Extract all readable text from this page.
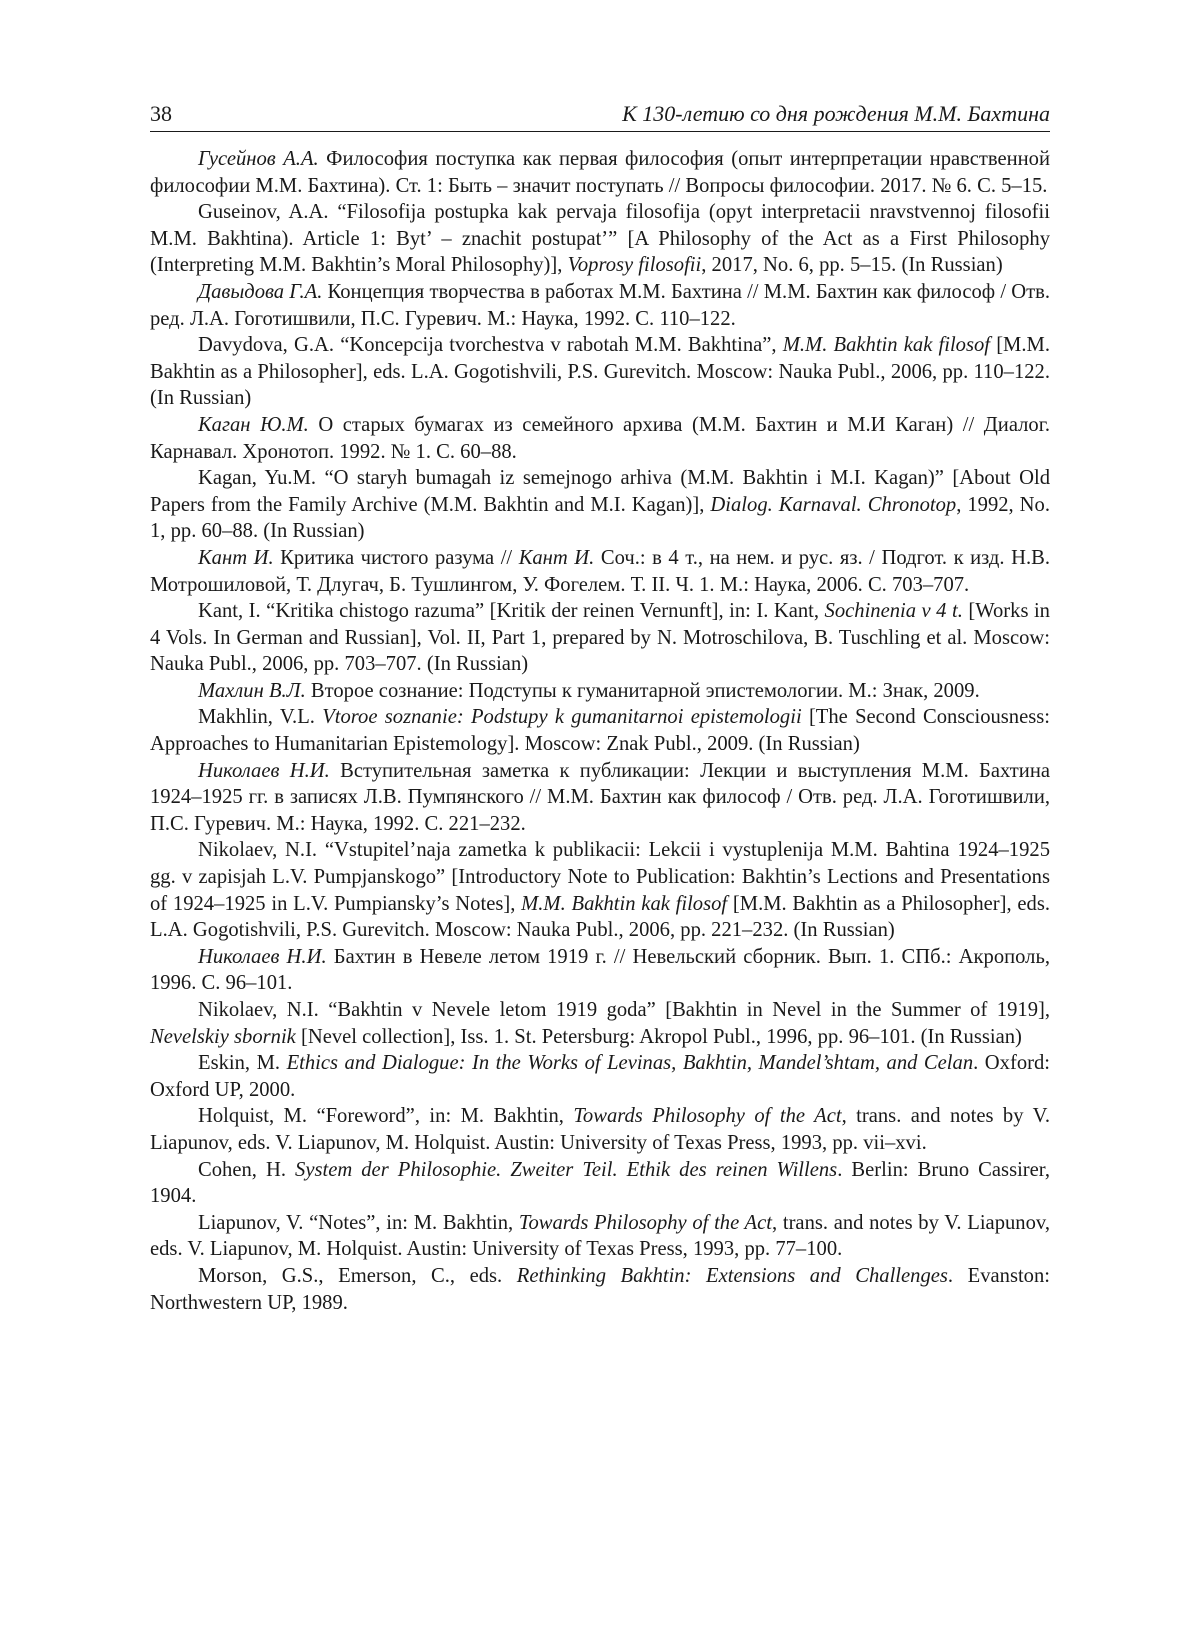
38	К 130-летию со дня рождения М.М. Бахтина

Гусейнов А.А. Философия поступка как первая философия (опыт интерпретации нравственной философии М.М. Бахтина). Ст. 1: Быть – значит поступать // Вопросы философии. 2017. № 6. С. 5–15.

Guseinov, A.A. “Filosofija postupka kak pervaja filosofija (opyt interpretacii nravstvennoj filosofii M.M. Bakhtina). Article 1: Byt’ – znachit postupat’” [A Philosophy of the Act as a First Philosophy (Interpreting M.M. Bakhtin’s Moral Philosophy)], Voprosy filosofii, 2017, No. 6, pp. 5–15. (In Russian)

Давыдова Г.А. Концепция творчества в работах М.М. Бахтина // М.М. Бахтин как философ / Отв. ред. Л.А. Гоготишвили, П.С. Гуревич. М.: Наука, 1992. С. 110–122.

Davydova, G.A. “Koncepcija tvorchestva v rabotah M.M. Bakhtina”, M.M. Bakhtin kak filosof [M.M. Bakhtin as a Philosopher], eds. L.A. Gogotishvili, P.S. Gurevitch. Moscow: Nauka Publ., 2006, pp. 110–122. (In Russian)

Каган Ю.М. О старых бумагах из семейного архива (М.М. Бахтин и М.И Каган) // Диалог. Карнавал. Хронотоп. 1992. № 1. С. 60–88.

Kagan, Yu.M. “O staryh bumagah iz semejnogo arhiva (M.M. Bakhtin i M.I. Kagan)” [About Old Papers from the Family Archive (M.M. Bakhtin and M.I. Kagan)], Dialog. Karnaval. Chronotop, 1992, No. 1, pp. 60–88. (In Russian)

Кант И. Критика чистого разума // Кант И. Соч.: в 4 т., на нем. и рус. яз. / Подгот. к изд. Н.В. Мотрошиловой, Т. Длугач, Б. Тушлингом, У. Фогелем. Т. II. Ч. 1. М.: Наука, 2006. С. 703–707.

Kant, I. “Kritika chistogo razuma” [Kritik der reinen Vernunft], in: I. Kant, Sochinenia v 4 t. [Works in 4 Vols. In German and Russian], Vol. II, Part 1, prepared by N. Motroschilova, B. Tuschling et al. Moscow: Nauka Publ., 2006, pp. 703–707. (In Russian)

Махлин В.Л. Второе сознание: Подступы к гуманитарной эпистемологии. М.: Знак, 2009.

Makhlin, V.L. Vtoroe soznanie: Podstupy k gumanitarnoi epistemologii [The Second Consciousness: Approaches to Humanitarian Epistemology]. Moscow: Znak Publ., 2009. (In Russian)

Николаев Н.И. Вступительная заметка к публикации: Лекции и выступления М.М. Бахтина 1924–1925 гг. в записях Л.В. Пумпянского // М.М. Бахтин как философ / Отв. ред. Л.А. Гоготишвили, П.С. Гуревич. М.: Наука, 1992. С. 221–232.

Nikolaev, N.I. “Vstupitel’naja zametka k publikacii: Lekcii i vystuplenija M.M. Bahtina 1924–1925 gg. v zapisjah L.V. Pumpjanskogo” [Introductory Note to Publication: Bakhtin’s Lections and Presentations of 1924–1925 in L.V. Pumpiansky’s Notes], M.M. Bakhtin kak filosof [M.M. Bakhtin as a Philosopher], eds. L.A. Gogotishvili, P.S. Gurevitch. Moscow: Nauka Publ., 2006, pp. 221–232. (In Russian)

Николаев Н.И. Бахтин в Невеле летом 1919 г. // Невельский сборник. Вып. 1. СПб.: Акрополь, 1996. С. 96–101.

Nikolaev, N.I. “Bakhtin v Nevele letom 1919 goda” [Bakhtin in Nevel in the Summer of 1919], Nevelskiy sbornik [Nevel collection], Iss. 1. St. Petersburg: Akropol Publ., 1996, pp. 96–101. (In Russian)

Eskin, M. Ethics and Dialogue: In the Works of Levinas, Bakhtin, Mandel’shtam, and Celan. Oxford: Oxford UP, 2000.

Holquist, M. “Foreword”, in: M. Bakhtin, Towards Philosophy of the Act, trans. and notes by V. Liapunov, eds. V. Liapunov, M. Holquist. Austin: University of Texas Press, 1993, pp. vii–xvi.

Cohen, H. System der Philosophie. Zweiter Teil. Ethik des reinen Willens. Berlin: Bruno Cassirer, 1904.

Liapunov, V. “Notes”, in: M. Bakhtin, Towards Philosophy of the Act, trans. and notes by V. Liapunov, eds. V. Liapunov, M. Holquist. Austin: University of Texas Press, 1993, pp. 77–100.

Morson, G.S., Emerson, C., eds. Rethinking Bakhtin: Extensions and Challenges. Evanston: Northwestern UP, 1989.
